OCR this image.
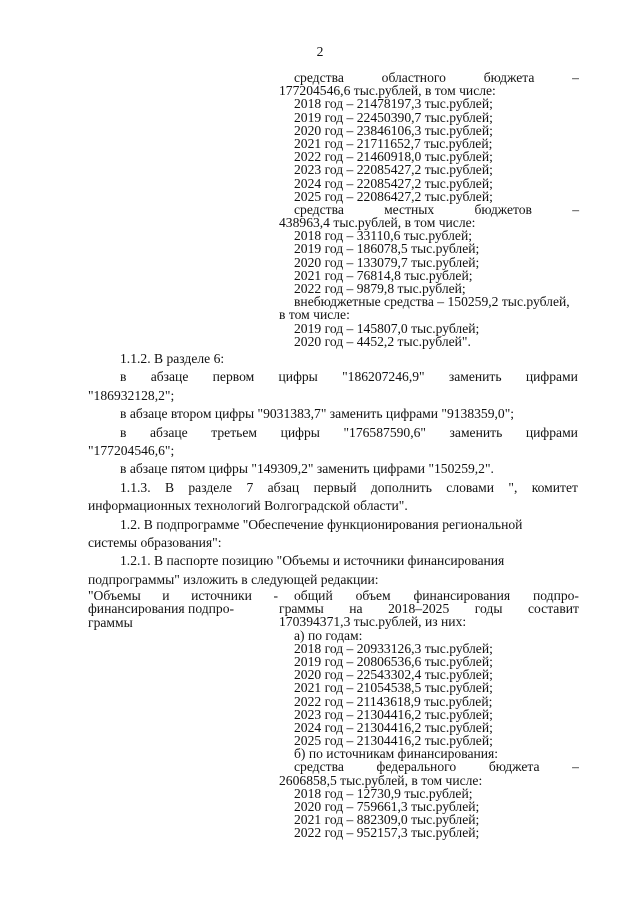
2
средства	областного	бюджета	–
177204546,6 тыс.рублей, в том числе:
2018 год – 21478197,3 тыс.рублей;
2019 год – 22450390,7 тыс.рублей;
2020 год – 23846106,3 тыс.рублей;
2021 год – 21711652,7 тыс.рублей;
2022 год – 21460918,0 тыс.рублей;
2023 год – 22085427,2 тыс.рублей;
2024 год – 22085427,2 тыс.рублей;
2025 год – 22086427,2 тыс.рублей;
средства	местных	бюджетов	–
438963,4 тыс.рублей, в том числе:
2018 год – 33110,6 тыс.рублей;
2019 год – 186078,5 тыс.рублей;
2020 год – 133079,7 тыс.рублей;
2021 год – 76814,8 тыс.рублей;
2022 год – 9879,8 тыс.рублей;
внебюджетные средства – 150259,2 тыс.рублей,
в том числе:
2019 год – 145807,0 тыс.рублей;
2020 год – 4452,2 тыс.рублей".
1.1.2. В разделе 6:
в абзаце первом цифры "186207246,9" заменить цифрами
"186932128,2";
в абзаце втором цифры "9031383,7" заменить цифрами "9138359,0";
в абзаце третьем цифры "176587590,6" заменить цифрами
"177204546,6";
в абзаце пятом цифры "149309,2" заменить цифрами "150259,2".
1.1.3. В разделе 7 абзац первый дополнить словами ", комитет
информационных технологий Волгоградской области".
1.2. В подпрограмме "Обеспечение функционирования региональной
системы образования":
1.2.1. В паспорте позицию "Объемы и источники финансирования
подпрограммы" изложить в следующей редакции:
"Объемы и источники -
финансирования подпро-
граммы
общий объем финансирования подпро-
граммы на 2018–2025 годы составит
170394371,3 тыс.рублей, из них:
а) по годам:
2018 год – 20933126,3 тыс.рублей;
2019 год – 20806536,6 тыс.рублей;
2020 год – 22543302,4 тыс.рублей;
2021 год – 21054538,5 тыс.рублей;
2022 год – 21143618,9 тыс.рублей;
2023 год – 21304416,2 тыс.рублей;
2024 год – 21304416,2 тыс.рублей;
2025 год – 21304416,2 тыс.рублей;
б) по источникам финансирования:
средства федерального бюджета –
2606858,5 тыс.рублей, в том числе:
2018 год – 12730,9 тыс.рублей;
2020 год – 759661,3 тыс.рублей;
2021 год – 882309,0 тыс.рублей;
2022 год – 952157,3 тыс.рублей;
